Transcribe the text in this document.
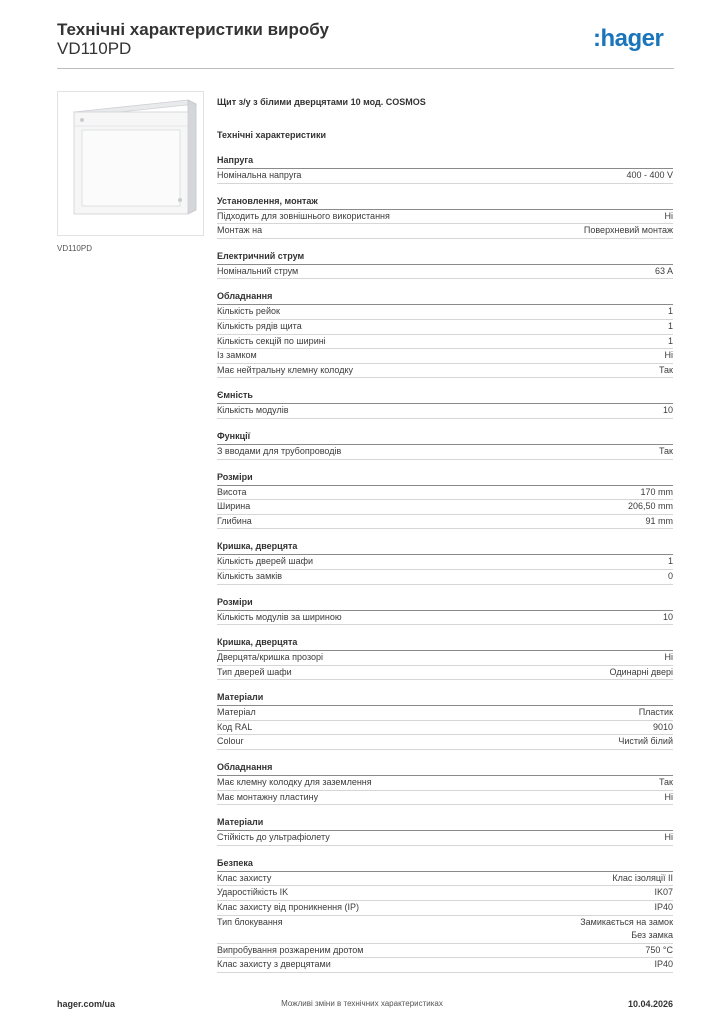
Технічні характеристики виробу
VD110PD	:hager
VD110PD
Щит з/у з білими дверцятами 10 мод. COSMOS
Технічні характеристики
Напруга
Номінальна напруга	400 - 400 V
Установлення, монтаж
Підходить для зовнішнього використання	Ні
Монтаж на	Поверхневий монтаж
Електричний струм
Номінальний струм	63 A
Обладнання
Кількість рейок	1
Кількість рядів щита	1
Кількість секцій по ширині	1
Із замком	Ні
Має нейтральну клемну колодку	Так
Ємність
Кількість модулів	10
Функції
З вводами для трубопроводів	Так
Розміри
Висота	170 mm
Ширина	206,50 mm
Глибина	91 mm
Кришка, дверцята
Кількість дверей шафи	1
Кількість замків	0
Розміри
Кількість модулів за шириною	10
Кришка, дверцята
Дверцята/кришка прозорі	Ні
Тип дверей шафи	Одинарні двері
Матеріали
Матеріал	Пластик
Код RAL	9010
Colour	Чистий білий
Обладнання
Має клемну колодку для заземлення	Так
Має монтажну пластину	Ні
Матеріали
Стійкість до ультрафіолету	Ні
Безпека
Клас захисту	Клас ізоляції II
Ударостійкість IK	IK07
Клас захисту від проникнення (IP)	IP40
Тип блокування	Замикається на замок
Без замка
Випробування розжареним дротом	750 °C
Клас захисту з дверцятами	IP40
hager.com/ua	Можливі зміни в технічних характеристиках	10.04.2026
